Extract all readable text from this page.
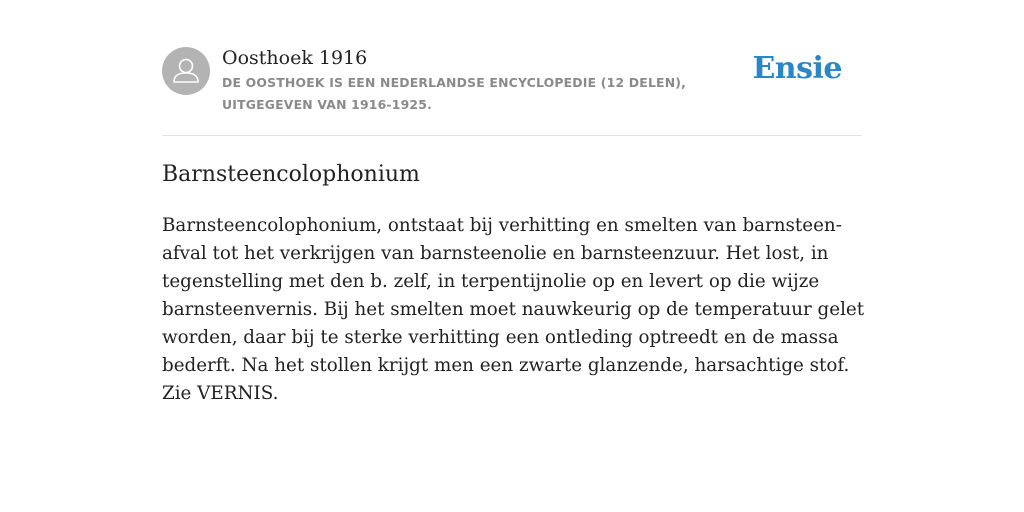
Oosthoek 1916
DE OOSTHOEK IS EEN NEDERLANDSE ENCYCLOPEDIE (12 DELEN), UITGEGEVEN VAN 1916-1925.
Ensie
Barnsteencolophonium

Barnsteencolophonium, ontstaat bij verhitting en smelten van barnsteen-afval tot het verkrijgen van barnsteenolie en barnsteenzuur. Het lost, in tegenstelling met den b. zelf, in terpentijnolie op en levert op die wijze barnsteenvernis. Bij het smelten moet nauwkeurig op de temperatuur gelet worden, daar bij te sterke verhitting een ontleding optreedt en de massa bederft. Na het stollen krijgt men een zwarte glanzende, harsachtige stof. Zie VERNIS.
